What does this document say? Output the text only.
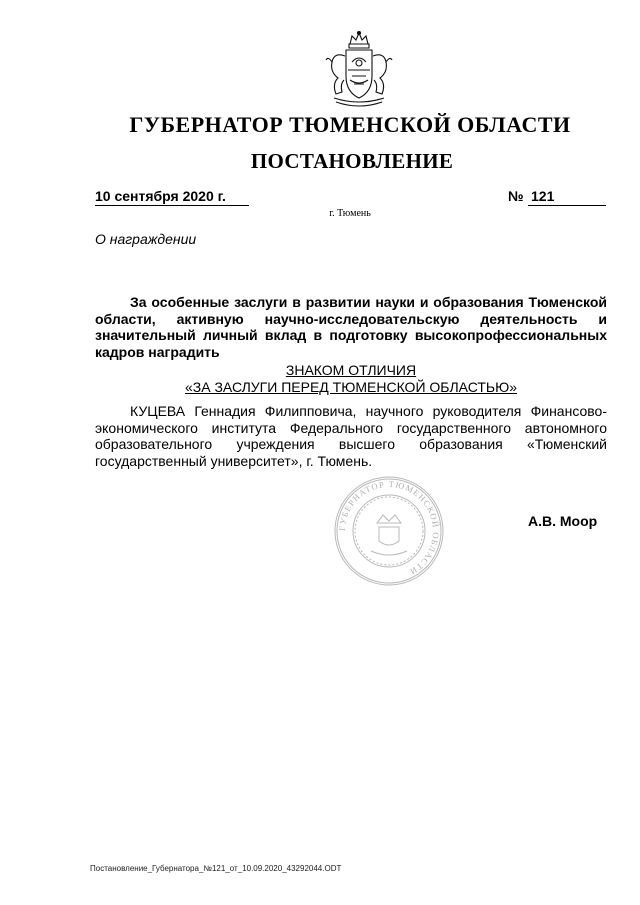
ГУБЕРНАТОР ТЮМЕНСКОЙ ОБЛАСТИ
ПОСТАНОВЛЕНИЕ
10 сентября 2020 г.	№ 121
г. Тюмень
О награждении
За особенные заслуги в развитии науки и образования Тюменской
области, активную научно-исследовательскую деятельность и
значительный личный вклад в подготовку высокопрофессиональных
кадров наградить
ЗНАКОМ ОТЛИЧИЯ
«ЗА ЗАСЛУГИ ПЕРЕД ТЮМЕНСКОЙ ОБЛАСТЬЮ»
КУЦЕВА Геннадия Филипповича, научного руководителя Финансово-
экономического института Федерального государственного автономного
образовательного учреждения высшего образования «Тюменский
государственный университет», г. Тюмень.
ГУБЕРНАТОР ТЮМЕНСКОЙ ОБЛАСТИ
А.В. Моор
Постановление_Губернатора_№121_от_10.09.2020_43292044.ODT
